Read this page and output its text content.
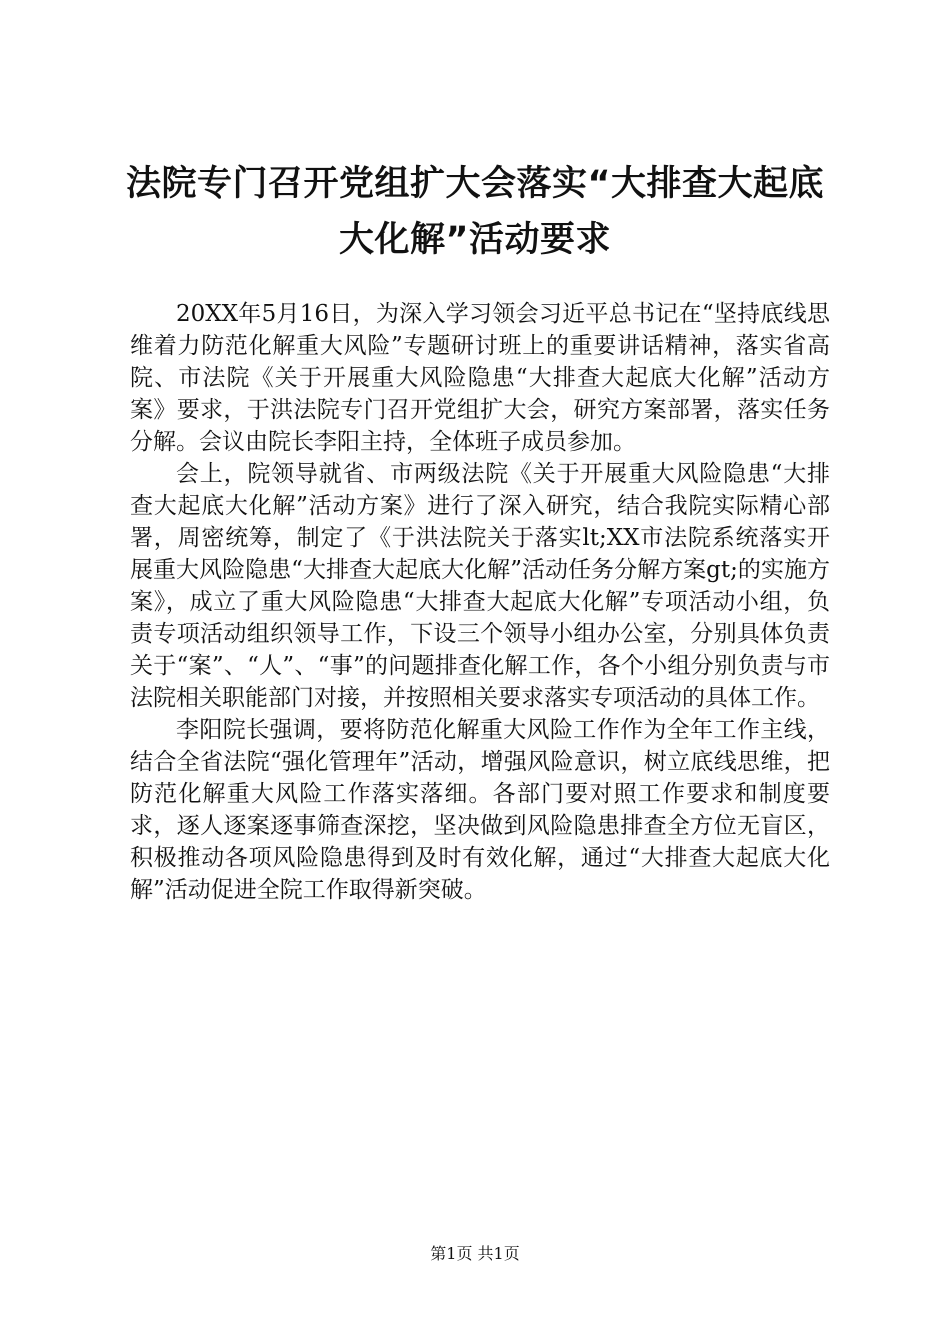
法院专门召开党组扩大会落实“大排查大起底
大化解”活动要求

20XX年5月16日，为深入学习领会习近平总书记在“坚持底线思维着力防范化解重大风险”专题研讨班上的重要讲话精神，落实省高院、市法院《关于开展重大风险隐患“大排查大起底大化解”活动方案》要求，于洪法院专门召开党组扩大会，研究方案部署，落实任务分解。会议由院长李阳主持，全体班子成员参加。

会上，院领导就省、市两级法院《关于开展重大风险隐患“大排查大起底大化解”活动方案》进行了深入研究，结合我院实际精心部署，周密统筹，制定了《于洪法院关于落实lt;XX市法院系统落实开展重大风险隐患“大排查大起底大化解”活动任务分解方案gt;的实施方案》，成立了重大风险隐患“大排查大起底大化解”专项活动小组，负责专项活动组织领导工作，下设三个领导小组办公室，分别具体负责关于“案”、“人”、“事”的问题排查化解工作，各个小组分别负责与市法院相关职能部门对接，并按照相关要求落实专项活动的具体工作。

李阳院长强调，要将防范化解重大风险工作作为全年工作主线，结合全省法院“强化管理年”活动，增强风险意识，树立底线思维，把防范化解重大风险工作落实落细。各部门要对照工作要求和制度要求，逐人逐案逐事筛查深挖，坚决做到风险隐患排查全方位无盲区，积极推动各项风险隐患得到及时有效化解，通过“大排查大起底大化解”活动促进全院工作取得新突破。

第1页 共1页
